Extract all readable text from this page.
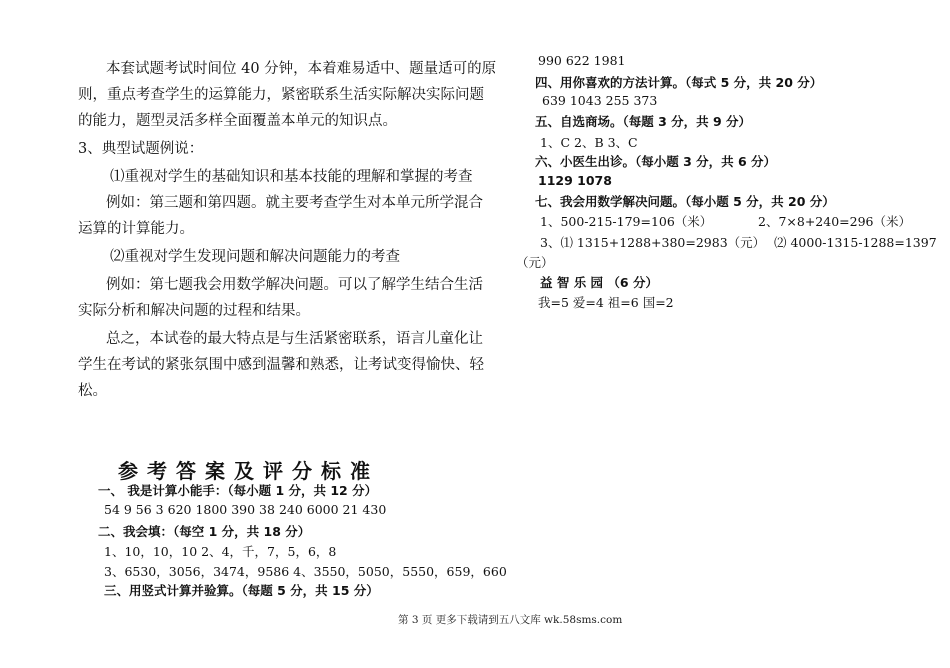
本套试题考试时间位 40 分钟，本着难易适中、题量适可的原
则，重点考查学生的运算能力，紧密联系生活实际解决实际问题
的能力，题型灵活多样全面覆盖本单元的知识点。
3、典型试题例说：
⑴重视对学生的基础知识和基本技能的理解和掌握的考查
例如：第三题和第四题。就主要考查学生对本单元所学混合
运算的计算能力。
⑵重视对学生发现问题和解决问题能力的考查
例如：第七题我会用数学解决问题。可以了解学生结合生活
实际分析和解决问题的过程和结果。
总之，本试卷的最大特点是与生活紧密联系，语言儿童化让
学生在考试的紧张氛围中感到温馨和熟悉，让考试变得愉快、轻
松。
参考答案及评分标准
一、 我是计算小能手：（每小题 1 分，共 12 分）
54 9 56 3 620 1800 390 38 240 6000 21 430
二、我会填：（每空 1 分，共 18 分）
1、10，10，10 2、4，千，7，5，6，8
3、6530，3056，3474，9586 4、3550，5050，5550，659，660
三、用竖式计算并验算。（每题 5 分，共 15 分）
990 622 1981
四、用你喜欢的方法计算。（每式 5 分，共 20 分）
639 1043 255 373
五、自选商场。（每题 3 分，共 9 分）
1、C 2、B 3、C
六、小医生出诊。（每小题 3 分，共 6 分）
1129 1078
七、我会用数学解决问题。（每小题 5 分，共 20 分）
1、500-215-179=106（米）	2、7×8+240=296（米）
3、⑴ 1315+1288+380=2983（元） ⑵ 4000-1315-1288=1397
（元）
益 智 乐 园 （6 分）
我=5 爱=4 祖=6 国=2
第 3 页 更多下载请到五八文库 wk.58sms.com
